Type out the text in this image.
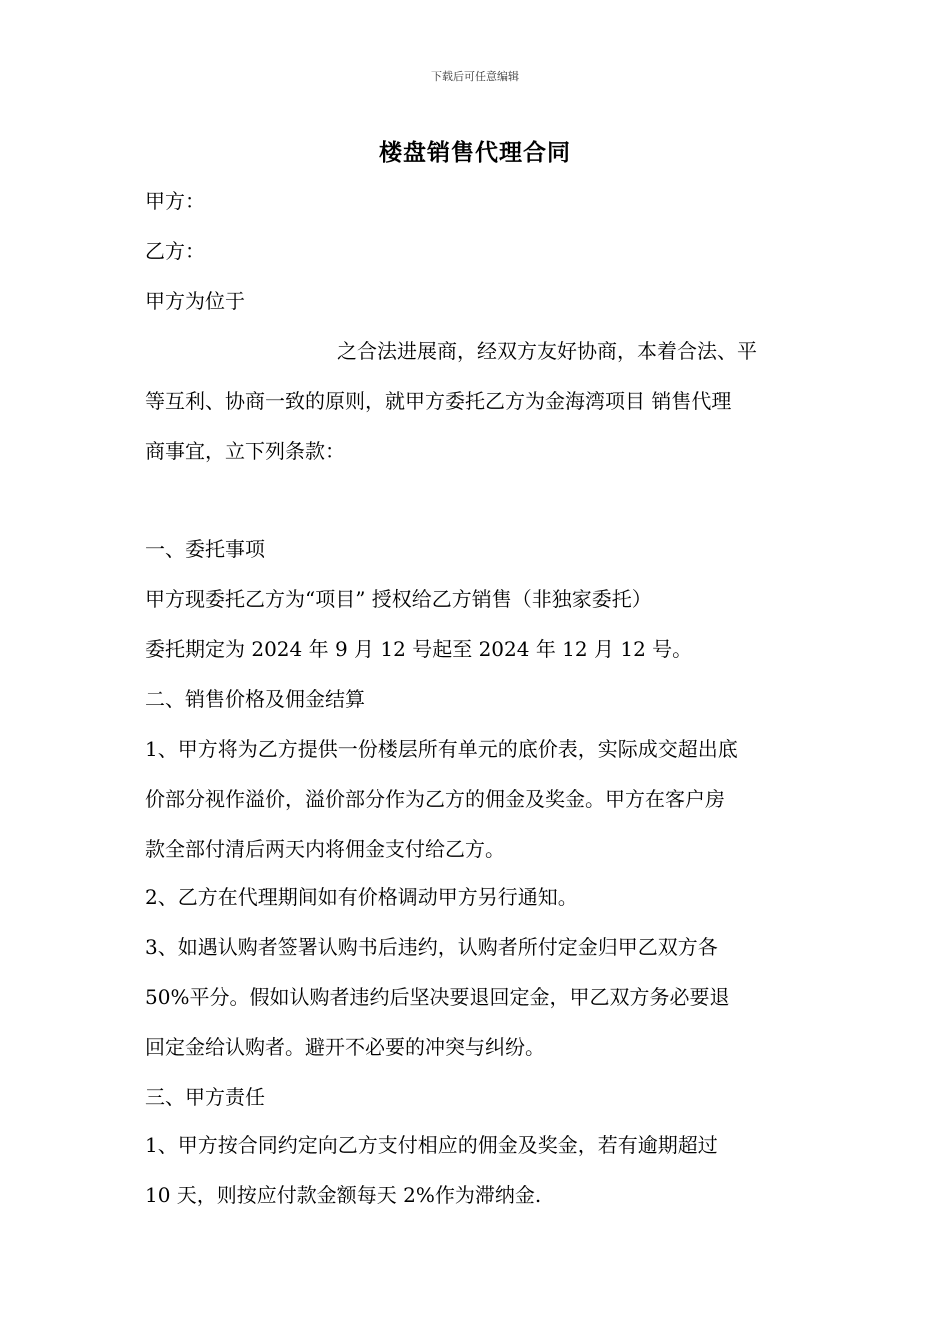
下载后可任意编辑
楼盘销售代理合同
甲方：
乙方：
甲方为位于
之合法进展商，经双方友好协商，本着合法、平
等互利、协商一致的原则，就甲方委托乙方为金海湾项目 销售代理
商事宜，立下列条款：
一、委托事项
甲方现委托乙方为“项目” 授权给乙方销售（非独家委托）
委托期定为 2024 年 9 月 12 号起至 2024 年 12 月 12 号。
二、销售价格及佣金结算
1、甲方将为乙方提供一份楼层所有单元的底价表，实际成交超出底
价部分视作溢价，溢价部分作为乙方的佣金及奖金。甲方在客户房
款全部付清后两天内将佣金支付给乙方。
2、乙方在代理期间如有价格调动甲方另行通知。
3、如遇认购者签署认购书后违约，认购者所付定金归甲乙双方各
50%平分。假如认购者违约后坚决要退回定金，甲乙双方务必要退
回定金给认购者。避开不必要的冲突与纠纷。
三、甲方责任
1、甲方按合同约定向乙方支付相应的佣金及奖金，若有逾期超过
10 天，则按应付款金额每天 2%作为滞纳金.
